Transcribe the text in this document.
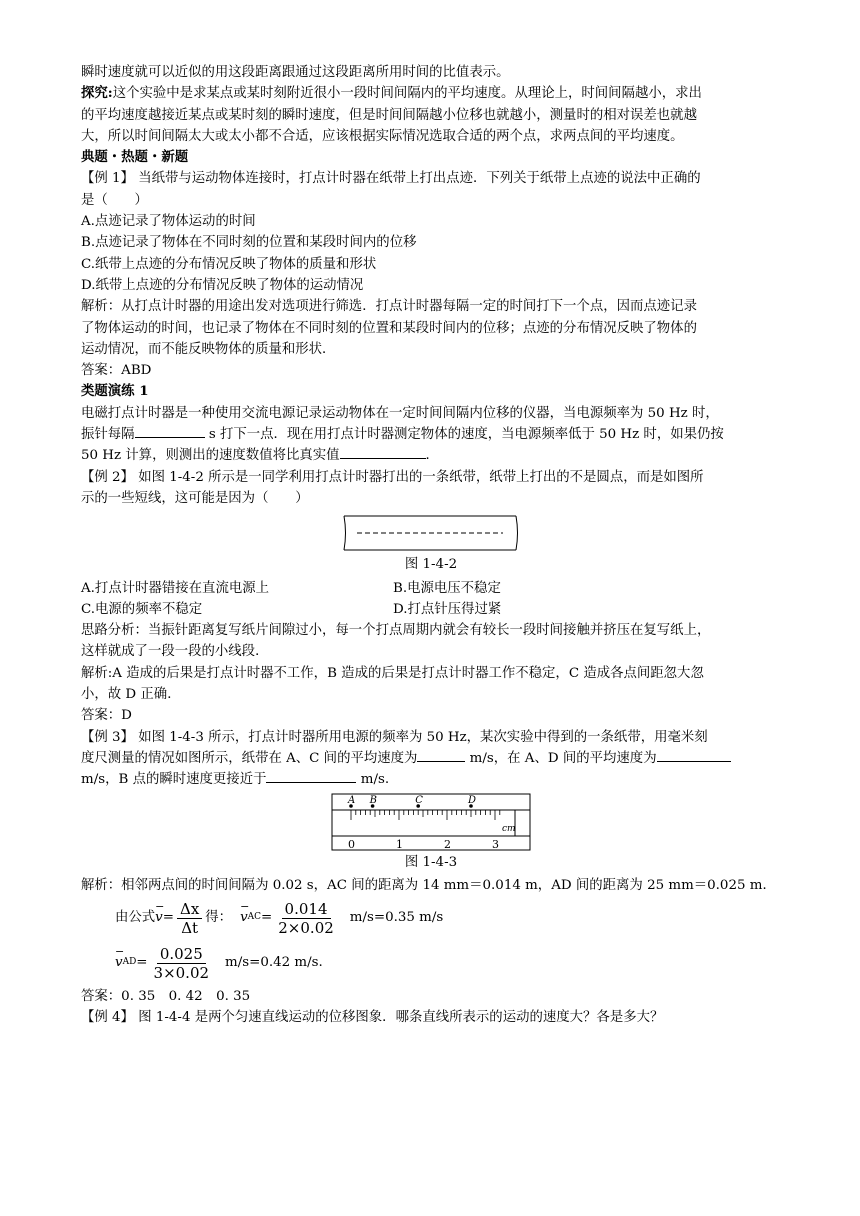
瞬时速度就可以近似的用这段距离跟通过这段距离所用时间的比值表示。

探究:这个实验中是求某点或某时刻附近很小一段时间间隔内的平均速度。从理论上，时间间隔越小，求出

的平均速度越接近某点或某时刻的瞬时速度，但是时间间隔越小位移也就越小，测量时的相对误差也就越

大，所以时间间隔太大或太小都不合适，应该根据实际情况选取合适的两个点，求两点间的平均速度。

典题・热题・新题

【例 1】 当纸带与运动物体连接时，打点计时器在纸带上打出点迹．下列关于纸带上点迹的说法中正确的

是（　　）

A.点迹记录了物体运动的时间

B.点迹记录了物体在不同时刻的位置和某段时间内的位移

C.纸带上点迹的分布情况反映了物体的质量和形状

D.纸带上点迹的分布情况反映了物体的运动情况

解析：从打点计时器的用途出发对选项进行筛选．打点计时器每隔一定的时间打下一个点，因而点迹记录

了物体运动的时间，也记录了物体在不同时刻的位置和某段时间内的位移；点迹的分布情况反映了物体的

运动情况，而不能反映物体的质量和形状．

答案：ABD

类题演练 1

电磁打点计时器是一种使用交流电源记录运动物体在一定时间间隔内位移的仪器，当电源频率为 50 Hz 时，

振针每隔	s 打下一点．现在用打点计时器测定物体的速度，当电源频率低于 50 Hz 时，如果仍按

50 Hz 计算，则测出的速度数值将比真实值	．

【例 2】 如图 1-4-2 所示是一同学利用打点计时器打出的一条纸带，纸带上打出的不是圆点，而是如图所

示的一些短线，这可能是因为（　　）

图 1-4-2

A.打点计时器错接在直流电源上	B.电源电压不稳定
C.电源的频率不稳定	D.打点针压得过紧

思路分析：当振针距离复写纸片间隙过小，每一个打点周期内就会有较长一段时间接触并挤压在复写纸上，

这样就成了一段一段的小线段．

解析:A 造成的后果是打点计时器不工作，B 造成的后果是打点计时器工作不稳定，C 造成各点间距忽大忽

小，故 D 正确．

答案：D

【例 3】 如图 1-4-3 所示，打点计时器所用电源的频率为 50 Hz，某次实验中得到的一条纸带，用毫米刻

度尺测量的情况如图所示，纸带在 A、C 间的平均速度为	m/s，在 A、D 间的平均速度为

m/s，B 点的瞬时速度更接近于	m/s.

A B	C	D
0	1	2	3
cm

图 1-4-3

解析：相邻两点间的时间间隔为 0.02 s，AC 间的距离为 14 mm＝0.014 m，AD 间的距离为 25 mm＝0.025 m．

由公式 − $v = \frac{\Delta x}{\Delta t}$ 得： − v AC = $\frac{0.014}{2\times 0.02} m/s=0.35$ m/s
− v AD = $\frac{0.025}{3\times 0.02} m/s=0.42$ m/s.

答案：0. 35　0. 42　0. 35

【例 4】 图 1-4-4 是两个匀速直线运动的位移图象．哪条直线所表示的运动的速度大？各是多大？
